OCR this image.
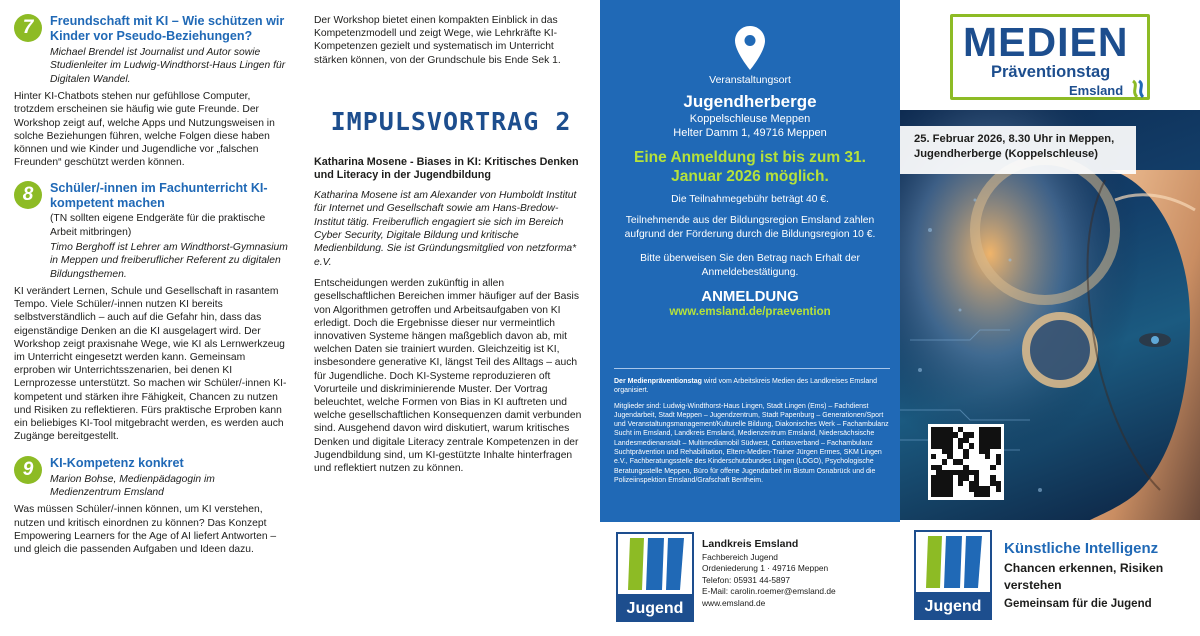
7	Freundschaft mit KI – Wie schützen wir Kinder vor Pseudo-Beziehungen?
Michael Brendel ist Journalist und Autor sowie Studienleiter im Ludwig-Windthorst-Haus Lingen für Digitalen Wandel.
Hinter KI-Chatbots stehen nur gefühllose Computer, trotzdem erscheinen sie häufig wie gute Freunde. Der Workshop zeigt auf, welche Apps und Nutzungsweisen in solche Beziehungen führen, welche Folgen diese haben können und wie Kinder und Jugendliche vor „falschen Freunden“ geschützt werden können.
8	Schüler/-innen im Fachunterricht KI-kompetent machen
(TN sollten eigene Endgeräte für die praktische Arbeit mitbringen)
Timo Berghoff ist Lehrer am Windthorst-Gymnasium in Meppen und freiberuflicher Referent zu digitalen Bildungsthemen.
KI verändert Lernen, Schule und Gesellschaft in rasantem Tempo. Viele Schüler/-innen nutzen KI bereits selbstverständlich – auch auf die Gefahr hin, dass das eigenständige Denken an die KI ausgelagert wird. Der Workshop zeigt praxisnahe Wege, wie KI als Lernwerkzeug im Unterricht eingesetzt werden kann. Gemeinsam erproben wir Unterrichtsszenarien, bei denen KI Lernprozesse unterstützt. So machen wir Schüler/-innen KI-kompetent und stärken ihre Fähigkeit, Chancen zu nutzen und Risiken zu reflektieren. Fürs praktische Erproben kann ein beliebiges KI-Tool mitgebracht werden, es werden auch Zugänge bereitgestellt.
9	KI-Kompetenz konkret
Marion Bohse, Medienpädagogin im Medienzentrum Emsland
Was müssen Schüler/-innen können, um KI verstehen, nutzen und kritisch einordnen zu können? Das Konzept Empowering Learners for the Age of AI liefert Antworten – und gleich die passenden Aufgaben und Ideen dazu.
Der Workshop bietet einen kompakten Einblick in das Kompetenzmodell und zeigt Wege, wie Lehrkräfte KI-Kompetenzen gezielt und systematisch im Unterricht stärken können, von der Grundschule bis Ende Sek 1.
IMPULSVORTRAG 2
Katharina Mosene - Biases in KI: Kritisches Denken und Literacy in der Jugendbildung
Katharina Mosene ist am Alexander von Humboldt Institut für Internet und Gesellschaft sowie am Hans-Bredow-Institut tätig. Freiberuflich engagiert sie sich im Bereich Cyber Security, Digitale Bildung und kritische Medienbildung. Sie ist Gründungsmitglied von netzforma* e.V.
Entscheidungen werden zukünftig in allen gesellschaftlichen Bereichen immer häufiger auf der Basis von Algorithmen getroffen und Arbeitsaufgaben von KI erledigt. Doch die Ergebnisse dieser nur vermeintlich innovativen Systeme hängen maßgeblich davon ab, mit welchen Daten sie trainiert wurden. Gleichzeitig ist KI, insbesondere generative KI, längst Teil des Alltags – auch für Jugendliche. Doch KI-Systeme reproduzieren oft Vorurteile und diskriminierende Muster. Der Vortrag beleuchtet, welche Formen von Bias in KI auftreten und welche gesellschaftlichen Konsequenzen damit verbunden sind. Ausgehend davon wird diskutiert, warum kritisches Denken und digitale Literacy zentrale Kompetenzen in der Jugendbildung sind, um KI-gestützte Inhalte hinterfragen und reflektiert nutzen zu können.
Veranstaltungsort
Jugendherberge
Koppelschleuse Meppen
Helter Damm 1, 49716 Meppen
Eine Anmeldung ist bis zum 31. Januar 2026 möglich.
Die Teilnahmegebühr beträgt 40 €.
Teilnehmende aus der Bildungsregion Emsland zahlen aufgrund der Förderung durch die Bildungsregion 10 €.
Bitte überweisen Sie den Betrag nach Erhalt der Anmeldebestätigung.
ANMELDUNG
www.emsland.de/praevention
Der Medienpräventionstag wird vom Arbeitskreis Medien des Landkreises Emsland organisiert.
Mitglieder sind: Ludwig-Windthorst-Haus Lingen, Stadt Lingen (Ems) – Fachdienst Jugendarbeit, Stadt Meppen – Jugendzentrum, Stadt Papenburg – Generationen/Sport und Veranstaltungsmanagement/Kulturelle Bildung, Diakonisches Werk – Fachambulanz Sucht im Emsland, Landkreis Emsland, Medienzentrum Emsland, Niedersächsische Landesmedienanstalt – Multimediamobil Südwest, Caritasverband – Fachambulanz Suchtprävention und Rehabilitation, Eltern-Medien-Trainer Jürgen Ermes, SKM Lingen e.V., Fachberatungsstelle des Kinderschutzbundes Lingen (LOGO), Psychologische Beratungsstelle Meppen, Büro für offene Jugendarbeit im Bistum Osnabrück und die Polizeiinspektion Emsland/Grafschaft Bentheim.
Jugend
Landkreis Emsland
Fachbereich Jugend
Ordeniederung 1 · 49716 Meppen
Telefon: 05931 44-5897
E-Mail: carolin.roemer@emsland.de
www.emsland.de
MEDIEN
Präventionstag
Emsland
25. Februar 2026, 8.30 Uhr in Meppen, Jugendherberge (Koppelschleuse)
Jugend
Künstliche Intelligenz
Chancen erkennen, Risiken verstehen
Gemeinsam für die Jugend
